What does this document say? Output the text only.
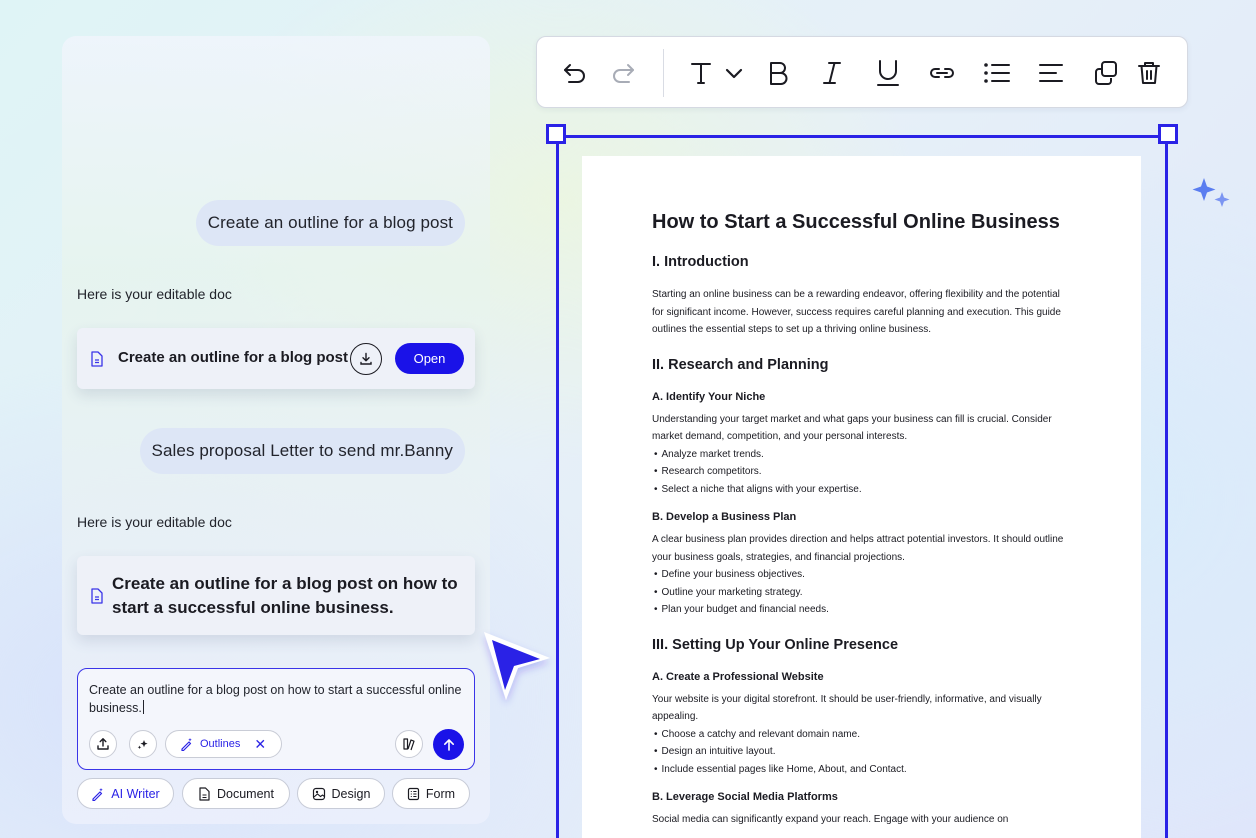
Create an outline for a blog post
Here is your editable doc
Create an outline for a blog post	Open
Sales proposal Letter to send mr.Banny
Here is your editable doc
Create an outline for a blog post on how to start a successful online business.
Create an outline for a blog post on how to start a successful online business.
Outlines ✕
AI Writer	Document	Design	Form
How to Start a Successful Online Business
I. Introduction
Starting an online business can be a rewarding endeavor, offering flexibility and the potential for significant income. However, success requires careful planning and execution. This guide outlines the essential steps to set up a thriving online business.
II. Research and Planning
A. Identify Your Niche
Understanding your target market and what gaps your business can fill is crucial. Consider market demand, competition, and your personal interests.
• Analyze market trends.
• Research competitors.
• Select a niche that aligns with your expertise.
B. Develop a Business Plan
A clear business plan provides direction and helps attract potential investors. It should outline your business goals, strategies, and financial projections.
• Define your business objectives.
• Outline your marketing strategy.
• Plan your budget and financial needs.
III. Setting Up Your Online Presence
A. Create a Professional Website
Your website is your digital storefront. It should be user-friendly, informative, and visually appealing.
• Choose a catchy and relevant domain name.
• Design an intuitive layout.
• Include essential pages like Home, About, and Contact.
B. Leverage Social Media Platforms
Social media can significantly expand your reach. Engage with your audience on
